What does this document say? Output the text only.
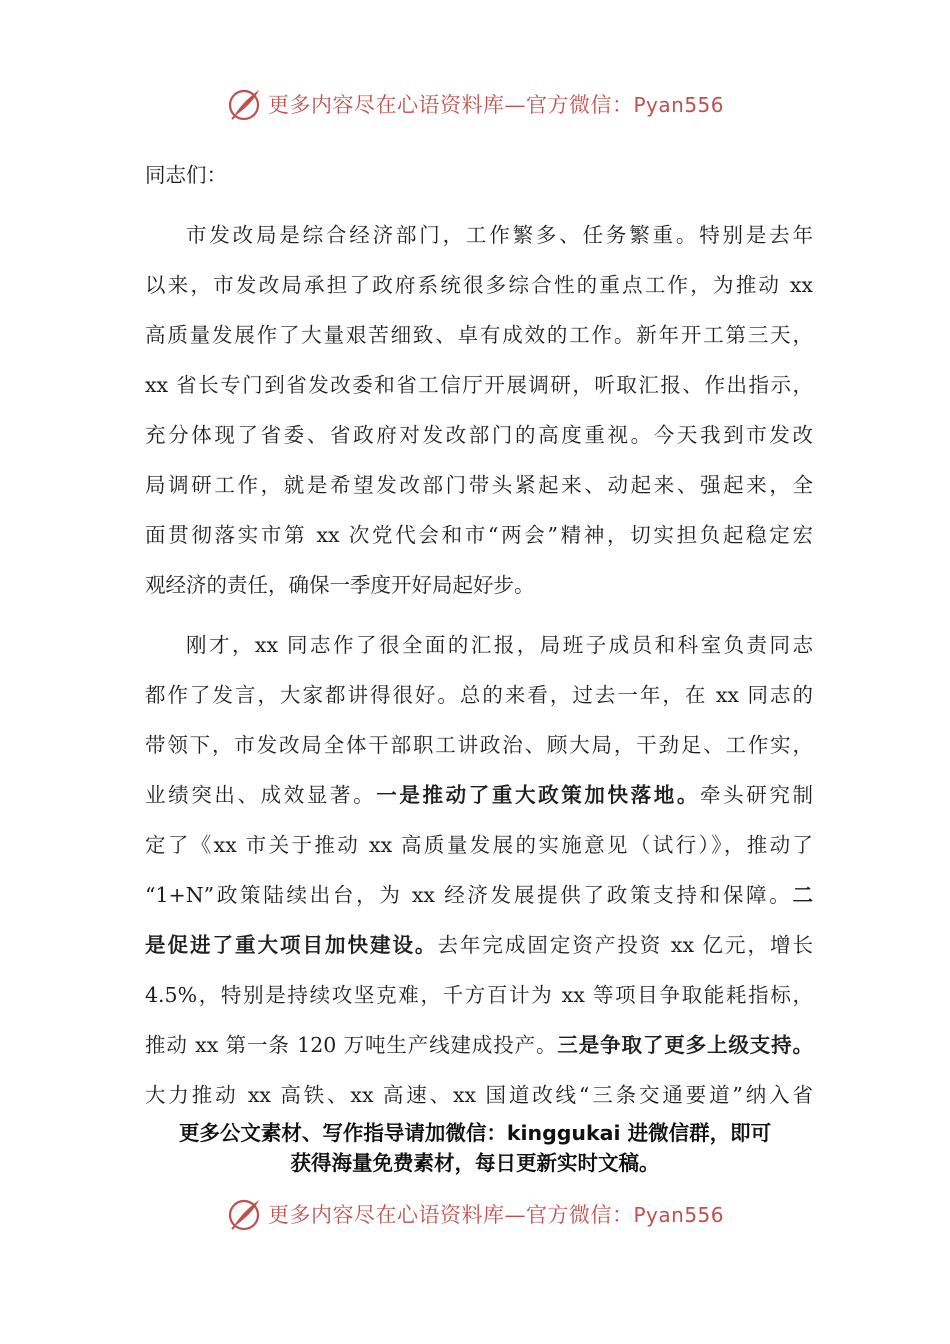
更多内容尽在心语资料库—官方微信：Pyan556

同志们：

市发改局是综合经济部门，工作繁多、任务繁重。特别是去年
以来，市发改局承担了政府系统很多综合性的重点工作，为推动 xx
高质量发展作了大量艰苦细致、卓有成效的工作。新年开工第三天，
xx 省长专门到省发改委和省工信厅开展调研，听取汇报、作出指示，
充分体现了省委、省政府对发改部门的高度重视。今天我到市发改
局调研工作，就是希望发改部门带头紧起来、动起来、强起来，全
面贯彻落实市第 xx 次党代会和市“两会”精神，切实担负起稳定宏
观经济的责任，确保一季度开好局起好步。
刚才，xx 同志作了很全面的汇报，局班子成员和科室负责同志
都作了发言，大家都讲得很好。总的来看，过去一年，在 xx 同志的
带领下，市发改局全体干部职工讲政治、顾大局，干劲足、工作实，
业绩突出、成效显著。一是推动了重大政策加快落地。牵头研究制
定了《xx 市关于推动 xx 高质量发展的实施意见（试行）》，推动了
“1+N”政策陆续出台，为 xx 经济发展提供了政策支持和保障。二
是促进了重大项目加快建设。去年完成固定资产投资 xx 亿元，增长
4.5%，特别是持续攻坚克难，千方百计为 xx 等项目争取能耗指标，
推动 xx 第一条 120 万吨生产线建成投产。三是争取了更多上级支持。
大力推动 xx 高铁、xx 高速、xx 国道改线“三条交通要道”纳入省
更多公文素材、写作指导请加微信：kinggukai 进微信群，即可
获得海量免费素材，每日更新实时文稿。
更多内容尽在心语资料库—官方微信：Pyan556
